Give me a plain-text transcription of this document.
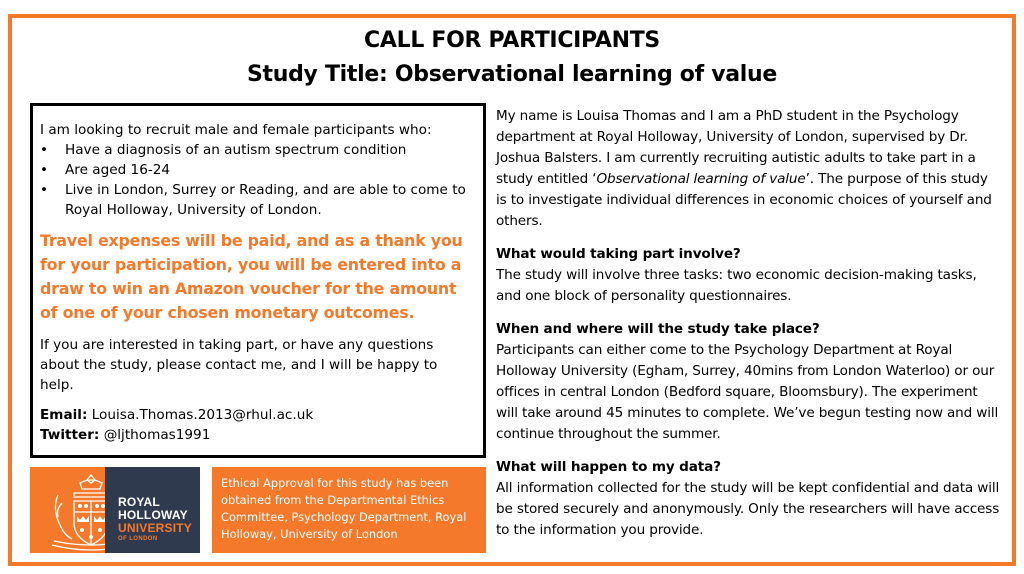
CALL FOR PARTICIPANTS
Study Title: Observational learning of value
I am looking to recruit male and female participants who:
• Have a diagnosis of an autism spectrum condition
• Are aged 16-24
• Live in London, Surrey or Reading, and are able to come to Royal Holloway, University of London.
Travel expenses will be paid, and as a thank you for your participation, you will be entered into a draw to win an Amazon voucher for the amount of one of your chosen monetary outcomes.
If you are interested in taking part, or have any questions about the study, please contact me, and I will be happy to help.
Email: Louisa.Thomas.2013@rhul.ac.uk
Twitter: @ljthomas1991
ROYAL
HOLLOWAY
UNIVERSITY
OF LONDON
Ethical Approval for this study has been obtained from the Departmental Ethics Committee, Psychology Department, Royal Holloway, University of London

My name is Louisa Thomas and I am a PhD student in the Psychology department at Royal Holloway, University of London, supervised by Dr. Joshua Balsters. I am currently recruiting autistic adults to take part in a study entitled ‘Observational learning of value’. The purpose of this study is to investigate individual differences in economic choices of yourself and others.

What would taking part involve?

The study will involve three tasks: two economic decision-making tasks, and one block of personality questionnaires.

When and where will the study take place?

Participants can either come to the Psychology Department at Royal Holloway University (Egham, Surrey, 40mins from London Waterloo) or our offices in central London (Bedford square, Bloomsbury). The experiment will take around 45 minutes to complete. We’ve begun testing now and will continue throughout the summer.

What will happen to my data?

All information collected for the study will be kept confidential and data will be stored securely and anonymously. Only the researchers will have access to the information you provide.
